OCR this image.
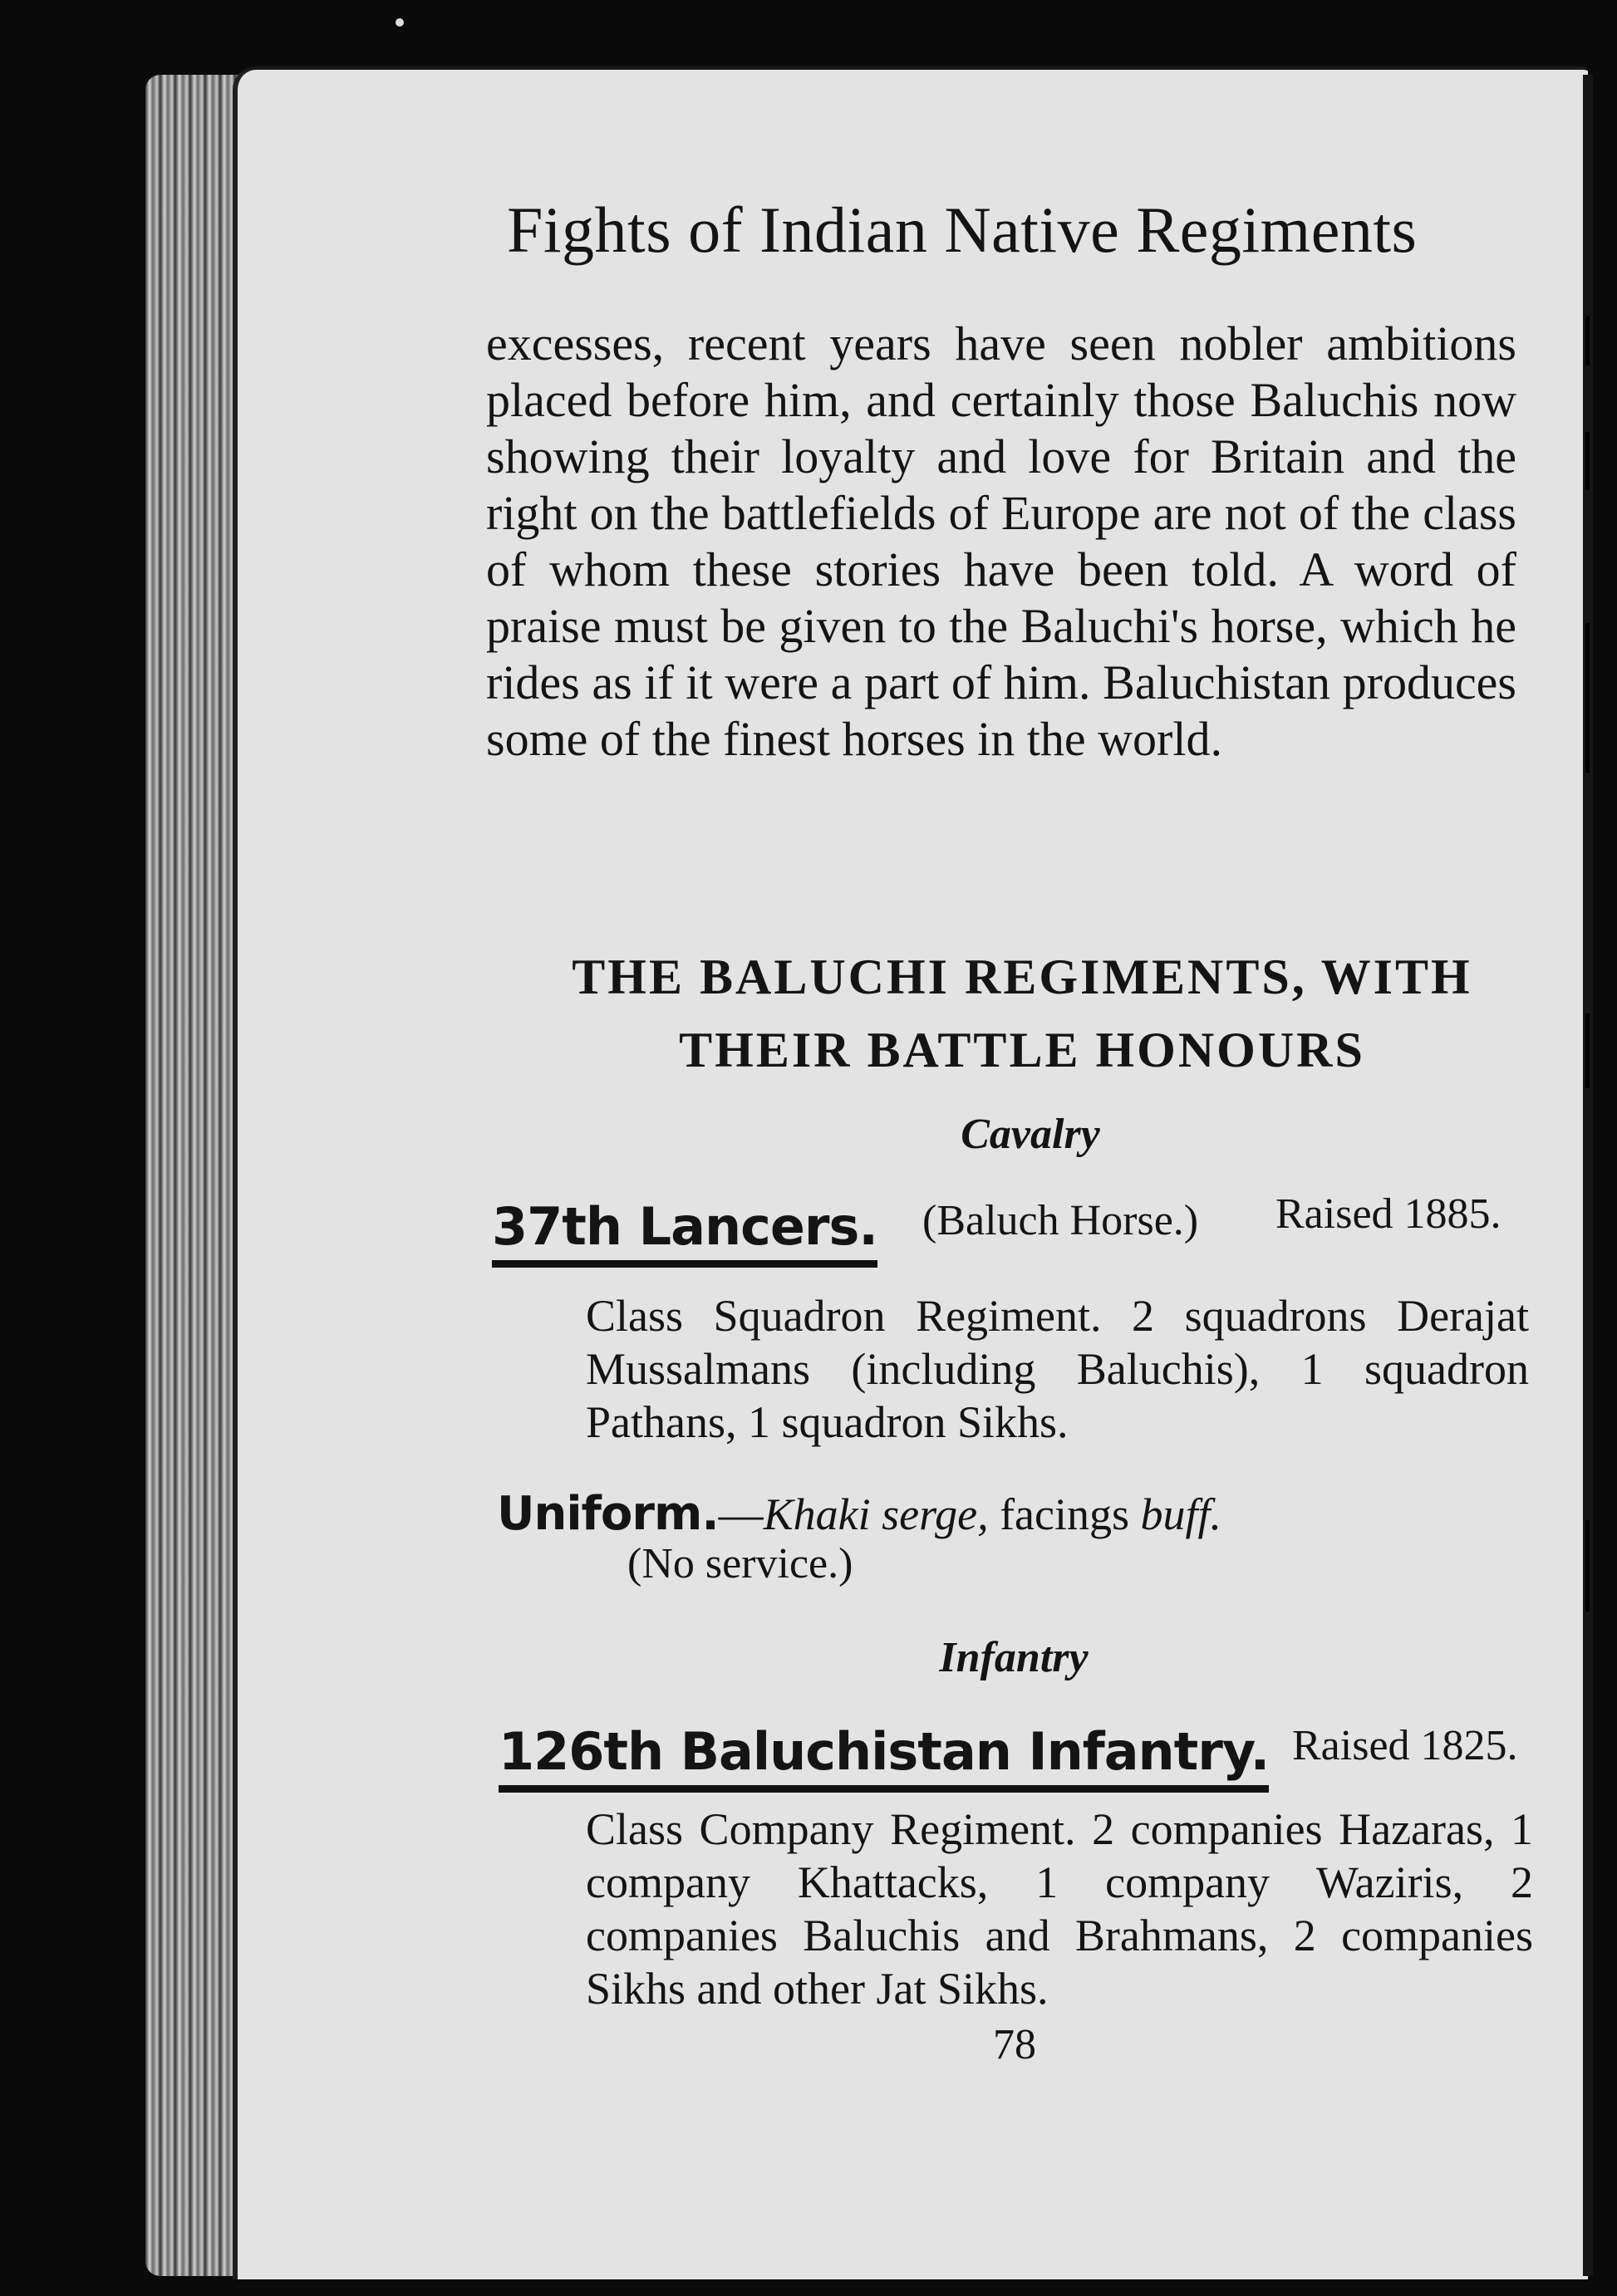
Fights of Indian Native Regiments

excesses, recent years have seen nobler ambitions placed before him, and certainly those Baluchis now showing their loyalty and love for Britain and the right on the battlefields of Europe are not of the class of whom these stories have been told. A word of praise must be given to the Baluchi's horse, which he rides as if it were a part of him. Baluchistan produces some of the finest horses in the world.

THE BALUCHI REGIMENTS, WITH
THEIR BATTLE HONOURS
Cavalry
37th Lancers. (Baluch Horse.) Raised 1885.
Class Squadron Regiment. 2 squadrons Derajat Mussalmans (including Baluchis), 1 squadron Pathans, 1 squadron Sikhs.
Uniform.—Khaki serge, facings buff.
(No service.)
Infantry
126th Baluchistan Infantry. Raised 1825.
Class Company Regiment. 2 companies Hazaras, 1 company Khattacks, 1 company Waziris, 2 companies Baluchis and Brahmans, 2 companies Sikhs and other Jat Sikhs.
78
